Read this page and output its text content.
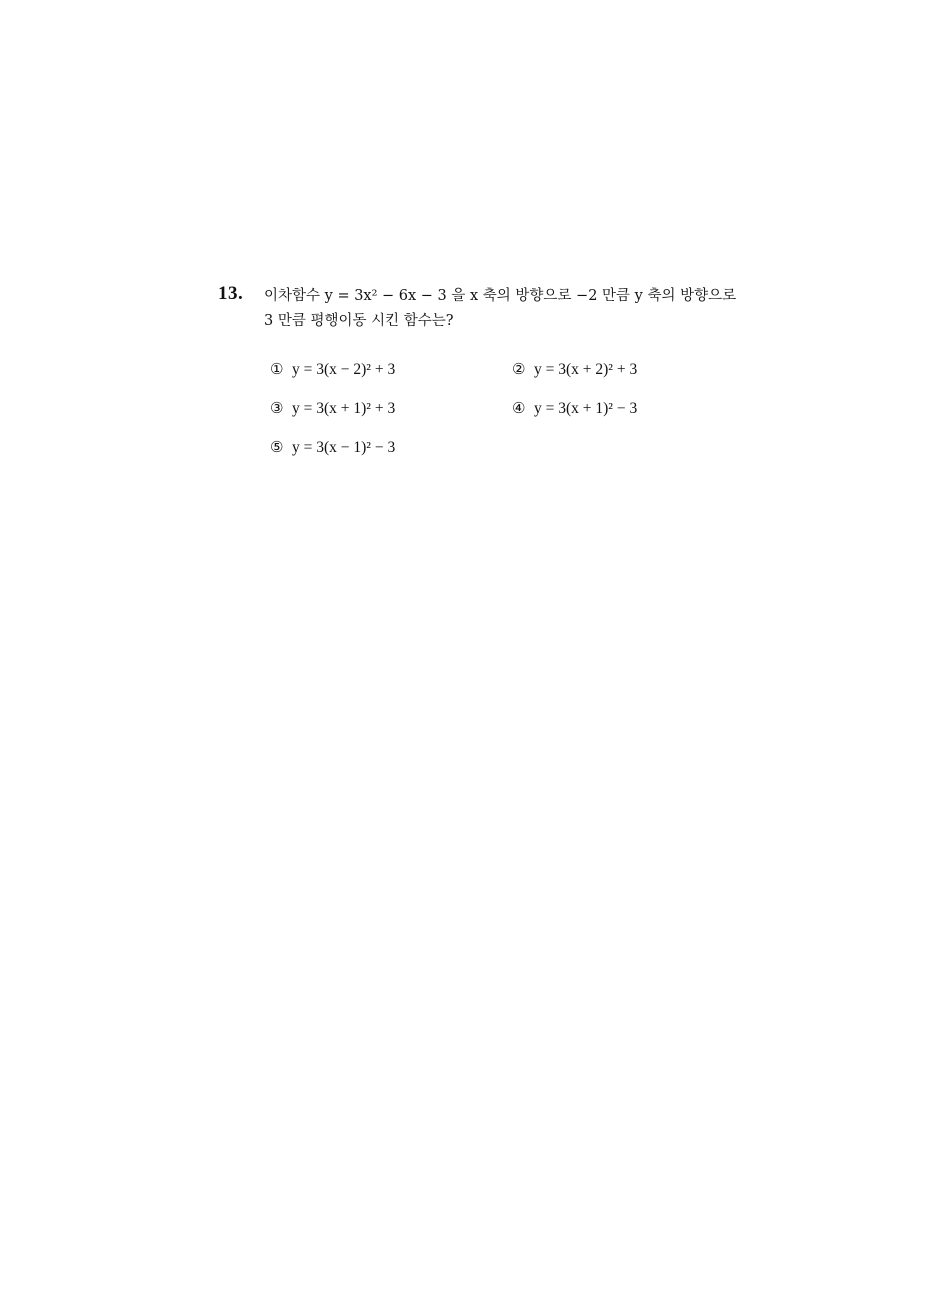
13. 이차함수 y = 3x² − 6x − 3 을 x 축의 방향으로 −2 만큼 y 축의 방향으로
3 만큼 평행이동 시킨 함수는?
① y = 3(x − 2)² + 3	② y = 3(x + 2)² + 3
③ y = 3(x + 1)² + 3	④ y = 3(x + 1)² − 3
⑤ y = 3(x − 1)² − 3
